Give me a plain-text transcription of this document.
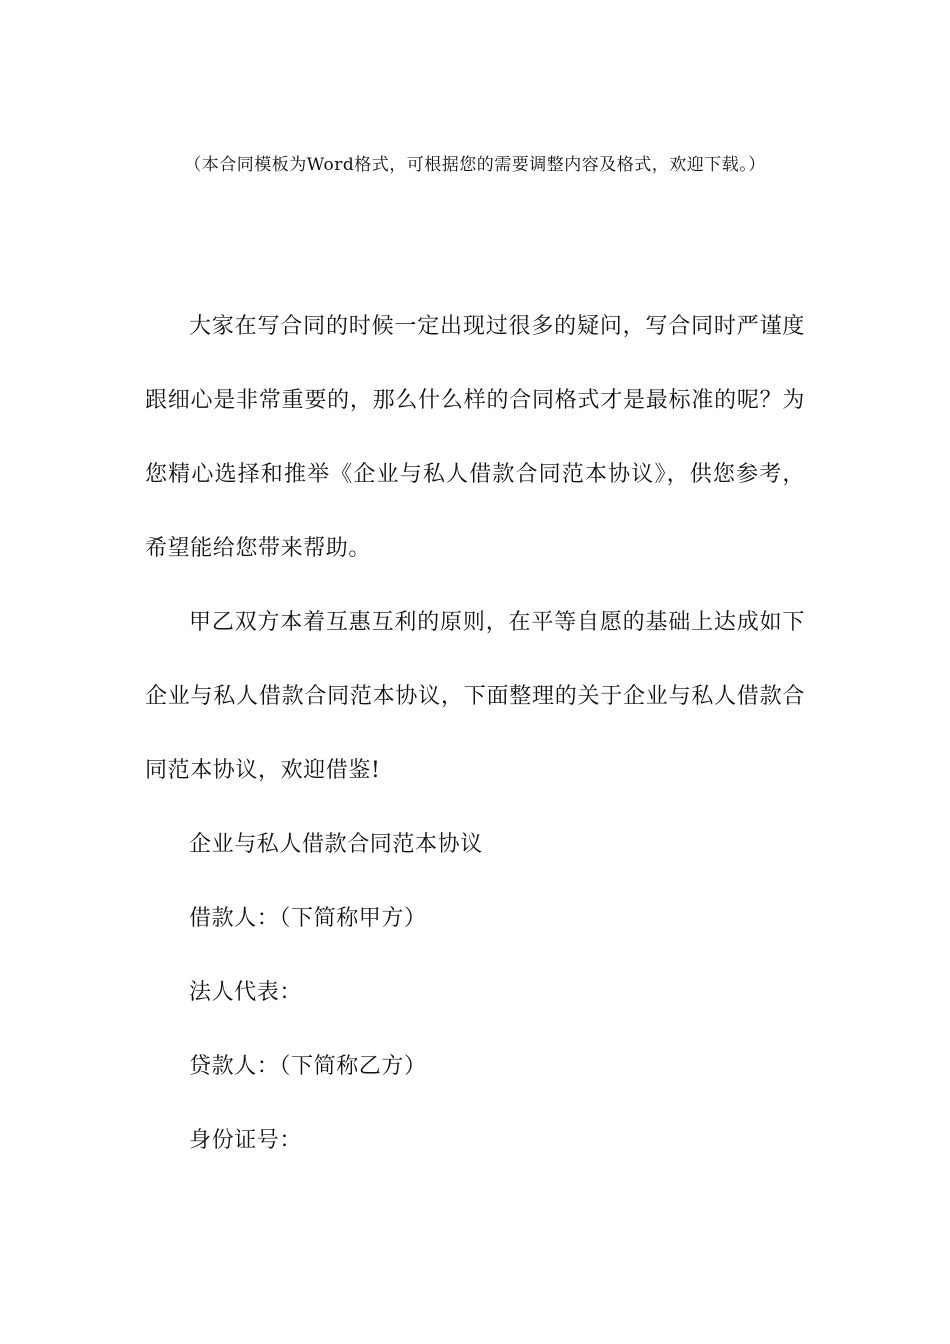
（本合同模板为Word格式，可根据您的需要调整内容及格式，欢迎下载。）

大家在写合同的时候一定出现过很多的疑问，写合同时严谨度跟细心是非常重要的，那么什么样的合同格式才是最标准的呢？为您精心选择和推举《企业与私人借款合同范本协议》，供您参考，希望能给您带来帮助。

甲乙双方本着互惠互利的原则，在平等自愿的基础上达成如下企业与私人借款合同范本协议，下面整理的关于企业与私人借款合同范本协议，欢迎借鉴!

企业与私人借款合同范本协议

借款人：（下简称甲方）

法人代表：

贷款人：（下简称乙方）

身份证号：
